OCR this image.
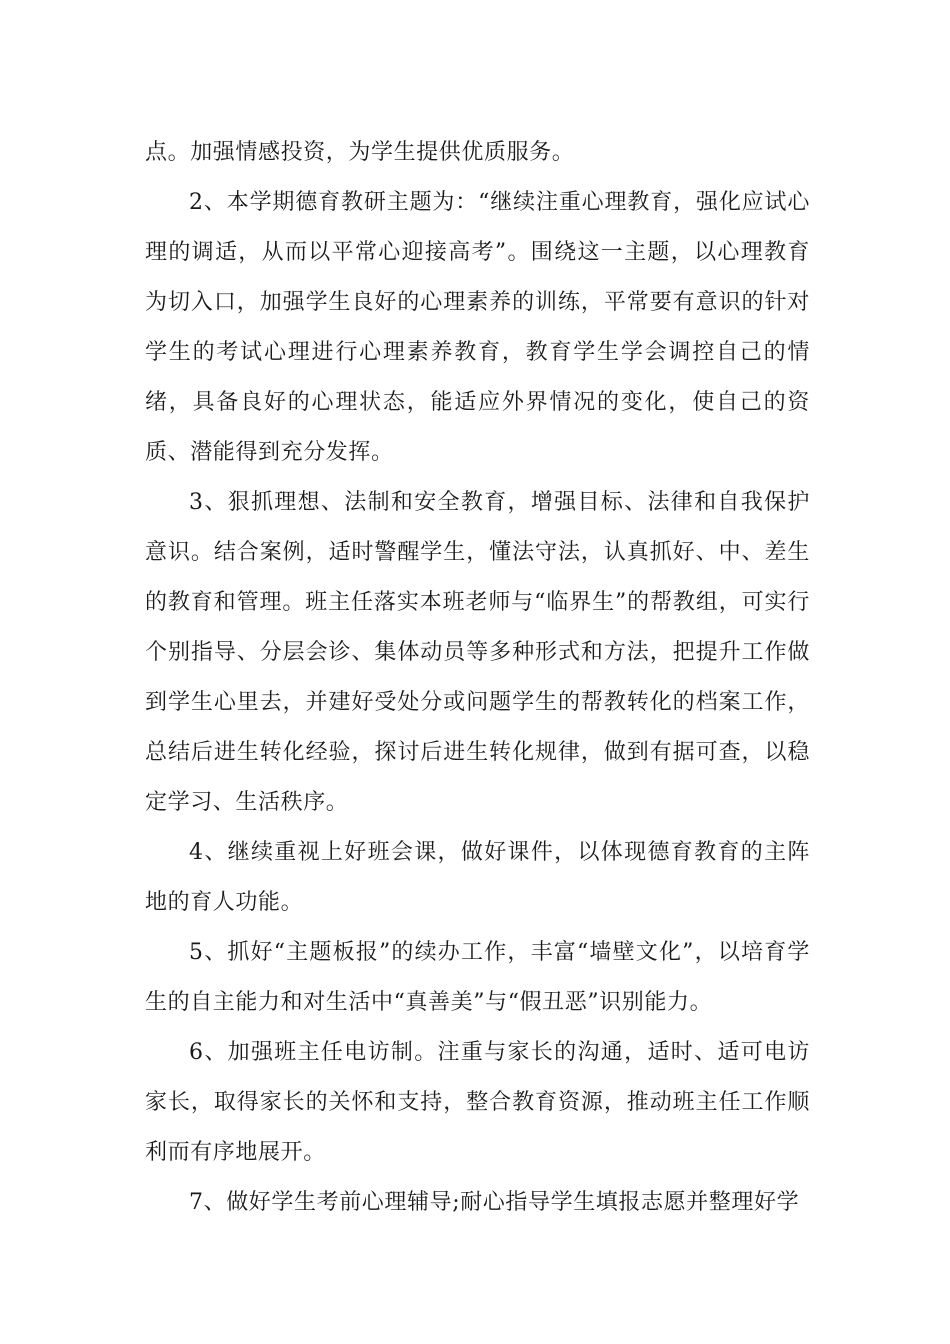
点。加强情感投资，为学生提供优质服务。

2、本学期德育教研主题为：“继续注重心理教育，强化应试心理的调适，从而以平常心迎接高考”。围绕这一主题，以心理教育为切入口，加强学生良好的心理素养的训练，平常要有意识的针对学生的考试心理进行心理素养教育，教育学生学会调控自己的情绪，具备良好的心理状态，能适应外界情况的变化，使自己的资质、潜能得到充分发挥。

3、狠抓理想、法制和安全教育，增强目标、法律和自我保护意识。结合案例，适时警醒学生，懂法守法，认真抓好、中、差生的教育和管理。班主任落实本班老师与“临界生”的帮教组，可实行个别指导、分层会诊、集体动员等多种形式和方法，把提升工作做到学生心里去，并建好受处分或问题学生的帮教转化的档案工作，总结后进生转化经验，探讨后进生转化规律，做到有据可查，以稳定学习、生活秩序。

4、继续重视上好班会课，做好课件，以体现德育教育的主阵地的育人功能。

5、抓好“主题板报”的续办工作，丰富“墙壁文化”，以培育学生的自主能力和对生活中“真善美”与“假丑恶”识别能力。

6、加强班主任电访制。注重与家长的沟通，适时、适可电访家长，取得家长的关怀和支持，整合教育资源，推动班主任工作顺利而有序地展开。

7、做好学生考前心理辅导;耐心指导学生填报志愿并整理好学
